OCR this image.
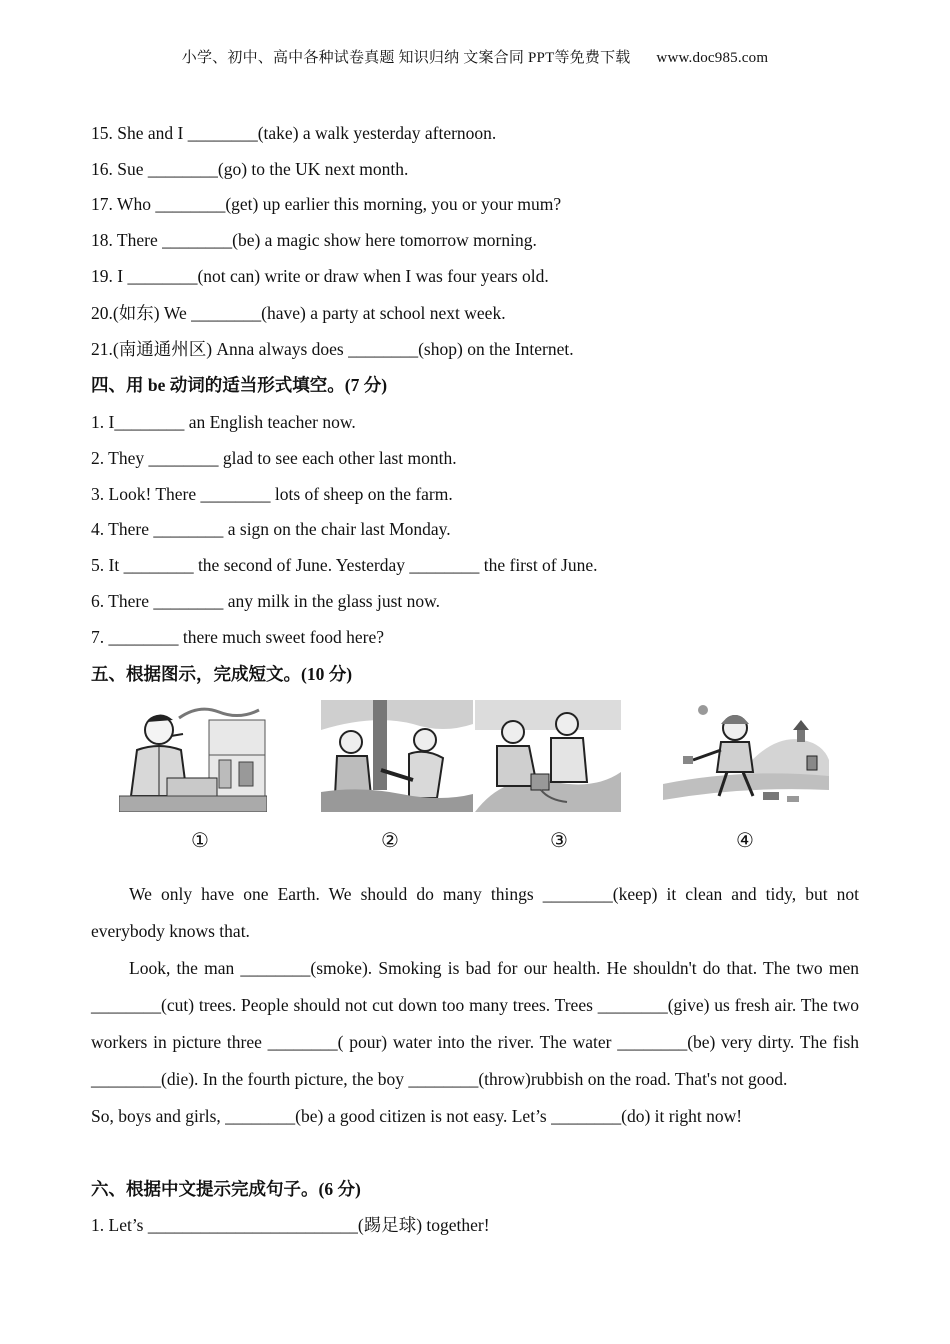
小学、初中、高中各种试卷真题 知识归纳 文案合同 PPT等免费下载 www.doc985.com
15. She and I ________(take) a walk yesterday afternoon.
16. Sue ________(go) to the UK next month.
17. Who ________(get) up earlier this morning, you or your mum?
18. There ________(be) a magic show here tomorrow morning.
19. I ________(not can) write or draw when I was four years old.
20.(如东) We ________(have) a party at school next week.
21.(南通通州区) Anna always does ________(shop) on the Internet.
四、用 be 动词的适当形式填空。(7 分)
1. I________ an English teacher now.
2. They ________ glad to see each other last month.
3. Look! There ________ lots of sheep on the farm.
4. There ________ a sign on the chair last Monday.
5. It ________ the second of June. Yesterday ________ the first of June.
6. There ________ any milk in the glass just now.
7. ________ there much sweet food here?
五、根据图示，完成短文。(10 分)
①	②	③	④

We only have one Earth. We should do many things ________(keep) it clean and tidy, but not everybody knows that.

Look, the man ________(smoke). Smoking is bad for our health. He shouldn't do that. The two men ________(cut) trees. People should not cut down too many trees. Trees ________(give) us fresh air. The two workers in picture three ________( pour) water into the river. The water ________(be) very dirty. The fish ________(die). In the fourth picture, the boy ________(throw)rubbish on the road. That's not good.

So, boys and girls, ________(be) a good citizen is not easy. Let’s ________(do) it right now!

六、根据中文提示完成句子。(6 分)
1. Let’s ________________________(踢足球) together!
